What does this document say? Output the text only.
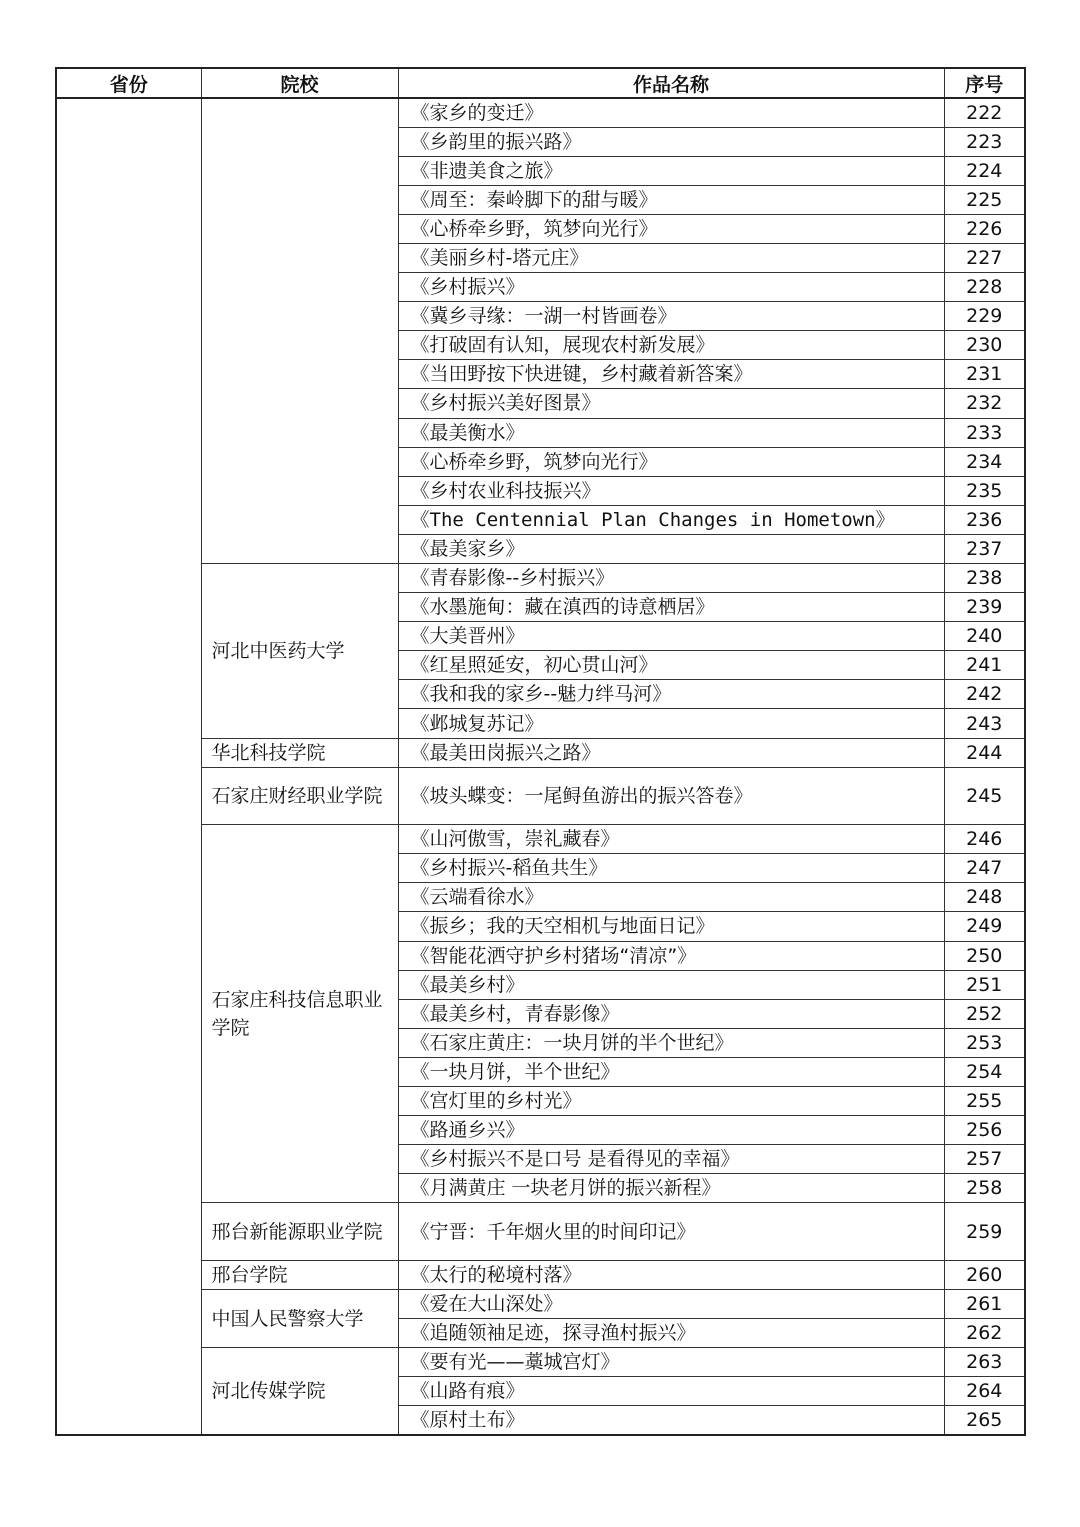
省份	院校	作品名称	序号
		《家乡的变迁》	222
		《乡韵里的振兴路》	223
		《非遗美食之旅》	224
		《周至：秦岭脚下的甜与暖》	225
		《心桥牵乡野，筑梦向光行》	226
		《美丽乡村-塔元庄》	227
		《乡村振兴》	228
		《冀乡寻缘：一湖一村皆画卷》	229
		《打破固有认知，展现农村新发展》	230
		《当田野按下快进键，乡村藏着新答案》	231
		《乡村振兴美好图景》	232
		《最美衡水》	233
		《心桥牵乡野，筑梦向光行》	234
		《乡村农业科技振兴》	235
		《The Centennial Plan Changes in Hometown》	236
		《最美家乡》	237
	河北中医药大学	《青春影像--乡村振兴》	238
		《水墨施甸：藏在滇西的诗意栖居》	239
		《大美晋州》	240
		《红星照延安，初心贯山河》	241
		《我和我的家乡--魅力绊马河》	242
		《邺城复苏记》	243
	华北科技学院	《最美田岗振兴之路》	244
	石家庄财经职业学院	《坡头蝶变：一尾鲟鱼游出的振兴答卷》	245
	石家庄科技信息职业学院	《山河傲雪，崇礼藏春》	246
		《乡村振兴-稻鱼共生》	247
		《云端看徐水》	248
		《振乡；我的天空相机与地面日记》	249
		《智能花洒守护乡村猪场“清凉”》	250
		《最美乡村》	251
		《最美乡村，青春影像》	252
		《石家庄黄庄：一块月饼的半个世纪》	253
		《一块月饼，半个世纪》	254
		《宫灯里的乡村光》	255
		《路通乡兴》	256
		《乡村振兴不是口号 是看得见的幸福》	257
		《月满黄庄 一块老月饼的振兴新程》	258
	邢台新能源职业学院	《宁晋：千年烟火里的时间印记》	259
	邢台学院	《太行的秘境村落》	260
	中国人民警察大学	《爱在大山深处》	261
		《追随领袖足迹，探寻渔村振兴》	262
	河北传媒学院	《要有光——藁城宫灯》	263
		《山路有痕》	264
		《原村土布》	265
